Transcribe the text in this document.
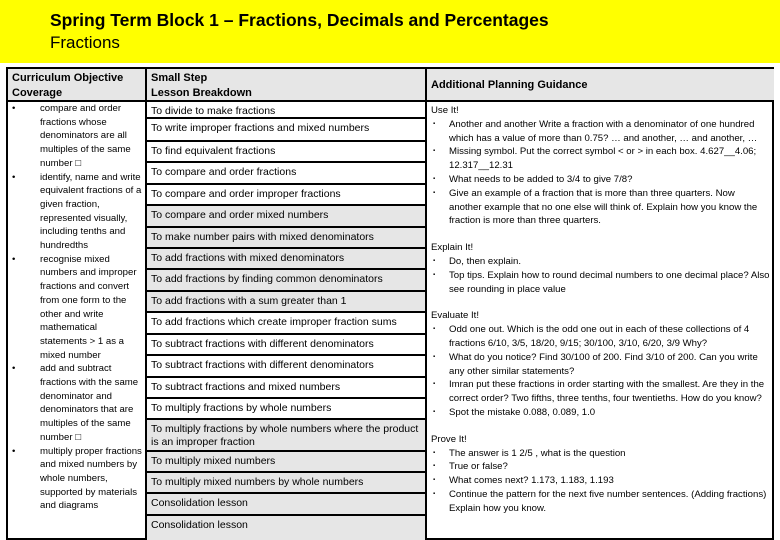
Spring Term Block 1 – Fractions, Decimals and Percentages
Fractions
Curriculum Objective Coverage
Small Step
Lesson Breakdown
Additional Planning Guidance
• compare and order fractions whose denominators are all multiples of the same number □
• identify, name and write equivalent fractions of a given fraction, represented visually, including tenths and hundredths
• recognise mixed numbers and improper fractions and convert from one form to the other and write mathematical statements > 1 as a mixed number
• add and subtract fractions with the same denominator and denominators that are multiples of the same number □
• multiply proper fractions and mixed numbers by whole numbers, supported by materials and diagrams
Use It!
▪ Another and another Write a fraction with a denominator of one hundred which has a value of more than 0.75? … and another, … and another, …
▪ Missing symbol. Put the correct symbol < or > in each box. 4.627__4.06; 12.317__12.31
▪ What needs to be added to 3/4 to give 7/8?
▪ Give an example of a fraction that is more than three quarters. Now another example that no one else will think of. Explain how you know the fraction is more than three quarters.
Explain It!
▪ Do, then explain.
▪ Top tips. Explain how to round decimal numbers to one decimal place? Also see rounding in place value
Evaluate It!
▪ Odd one out. Which is the odd one out in each of these collections of 4 fractions 6/10, 3/5, 18/20, 9/15; 30/100, 3/10, 6/20, 3/9 Why?
▪ What do you notice? Find 30/100 of 200. Find 3/10 of 200. Can you write any other similar statements?
▪ Imran put these fractions in order starting with the smallest. Are they in the correct order? Two fifths, three tenths, four twentieths. How do you know?
▪ Spot the mistake 0.088, 0.089, 1.0
Prove It!
▪ The answer is 1 2/5 , what is the question
▪ True or false?
▪ What comes next? 1.173, 1.183, 1.193
▪ Continue the pattern for the next five number sentences. (Adding fractions) Explain how you know.
To divide to make fractions
To write improper fractions and mixed numbers
To find equivalent fractions
To compare and order fractions
To compare and order improper fractions
To compare and order mixed numbers
To make number pairs with mixed denominators
To add fractions with mixed denominators
To add fractions by finding common denominators
To add fractions with a sum greater than 1
To add fractions which create improper fraction sums
To subtract fractions with different denominators
To subtract fractions with different denominators
To subtract fractions and mixed numbers
To multiply fractions by whole numbers
To multiply fractions by whole numbers where the product is an improper fraction
To multiply mixed numbers
To multiply mixed numbers by whole numbers
Consolidation lesson
Consolidation lesson
